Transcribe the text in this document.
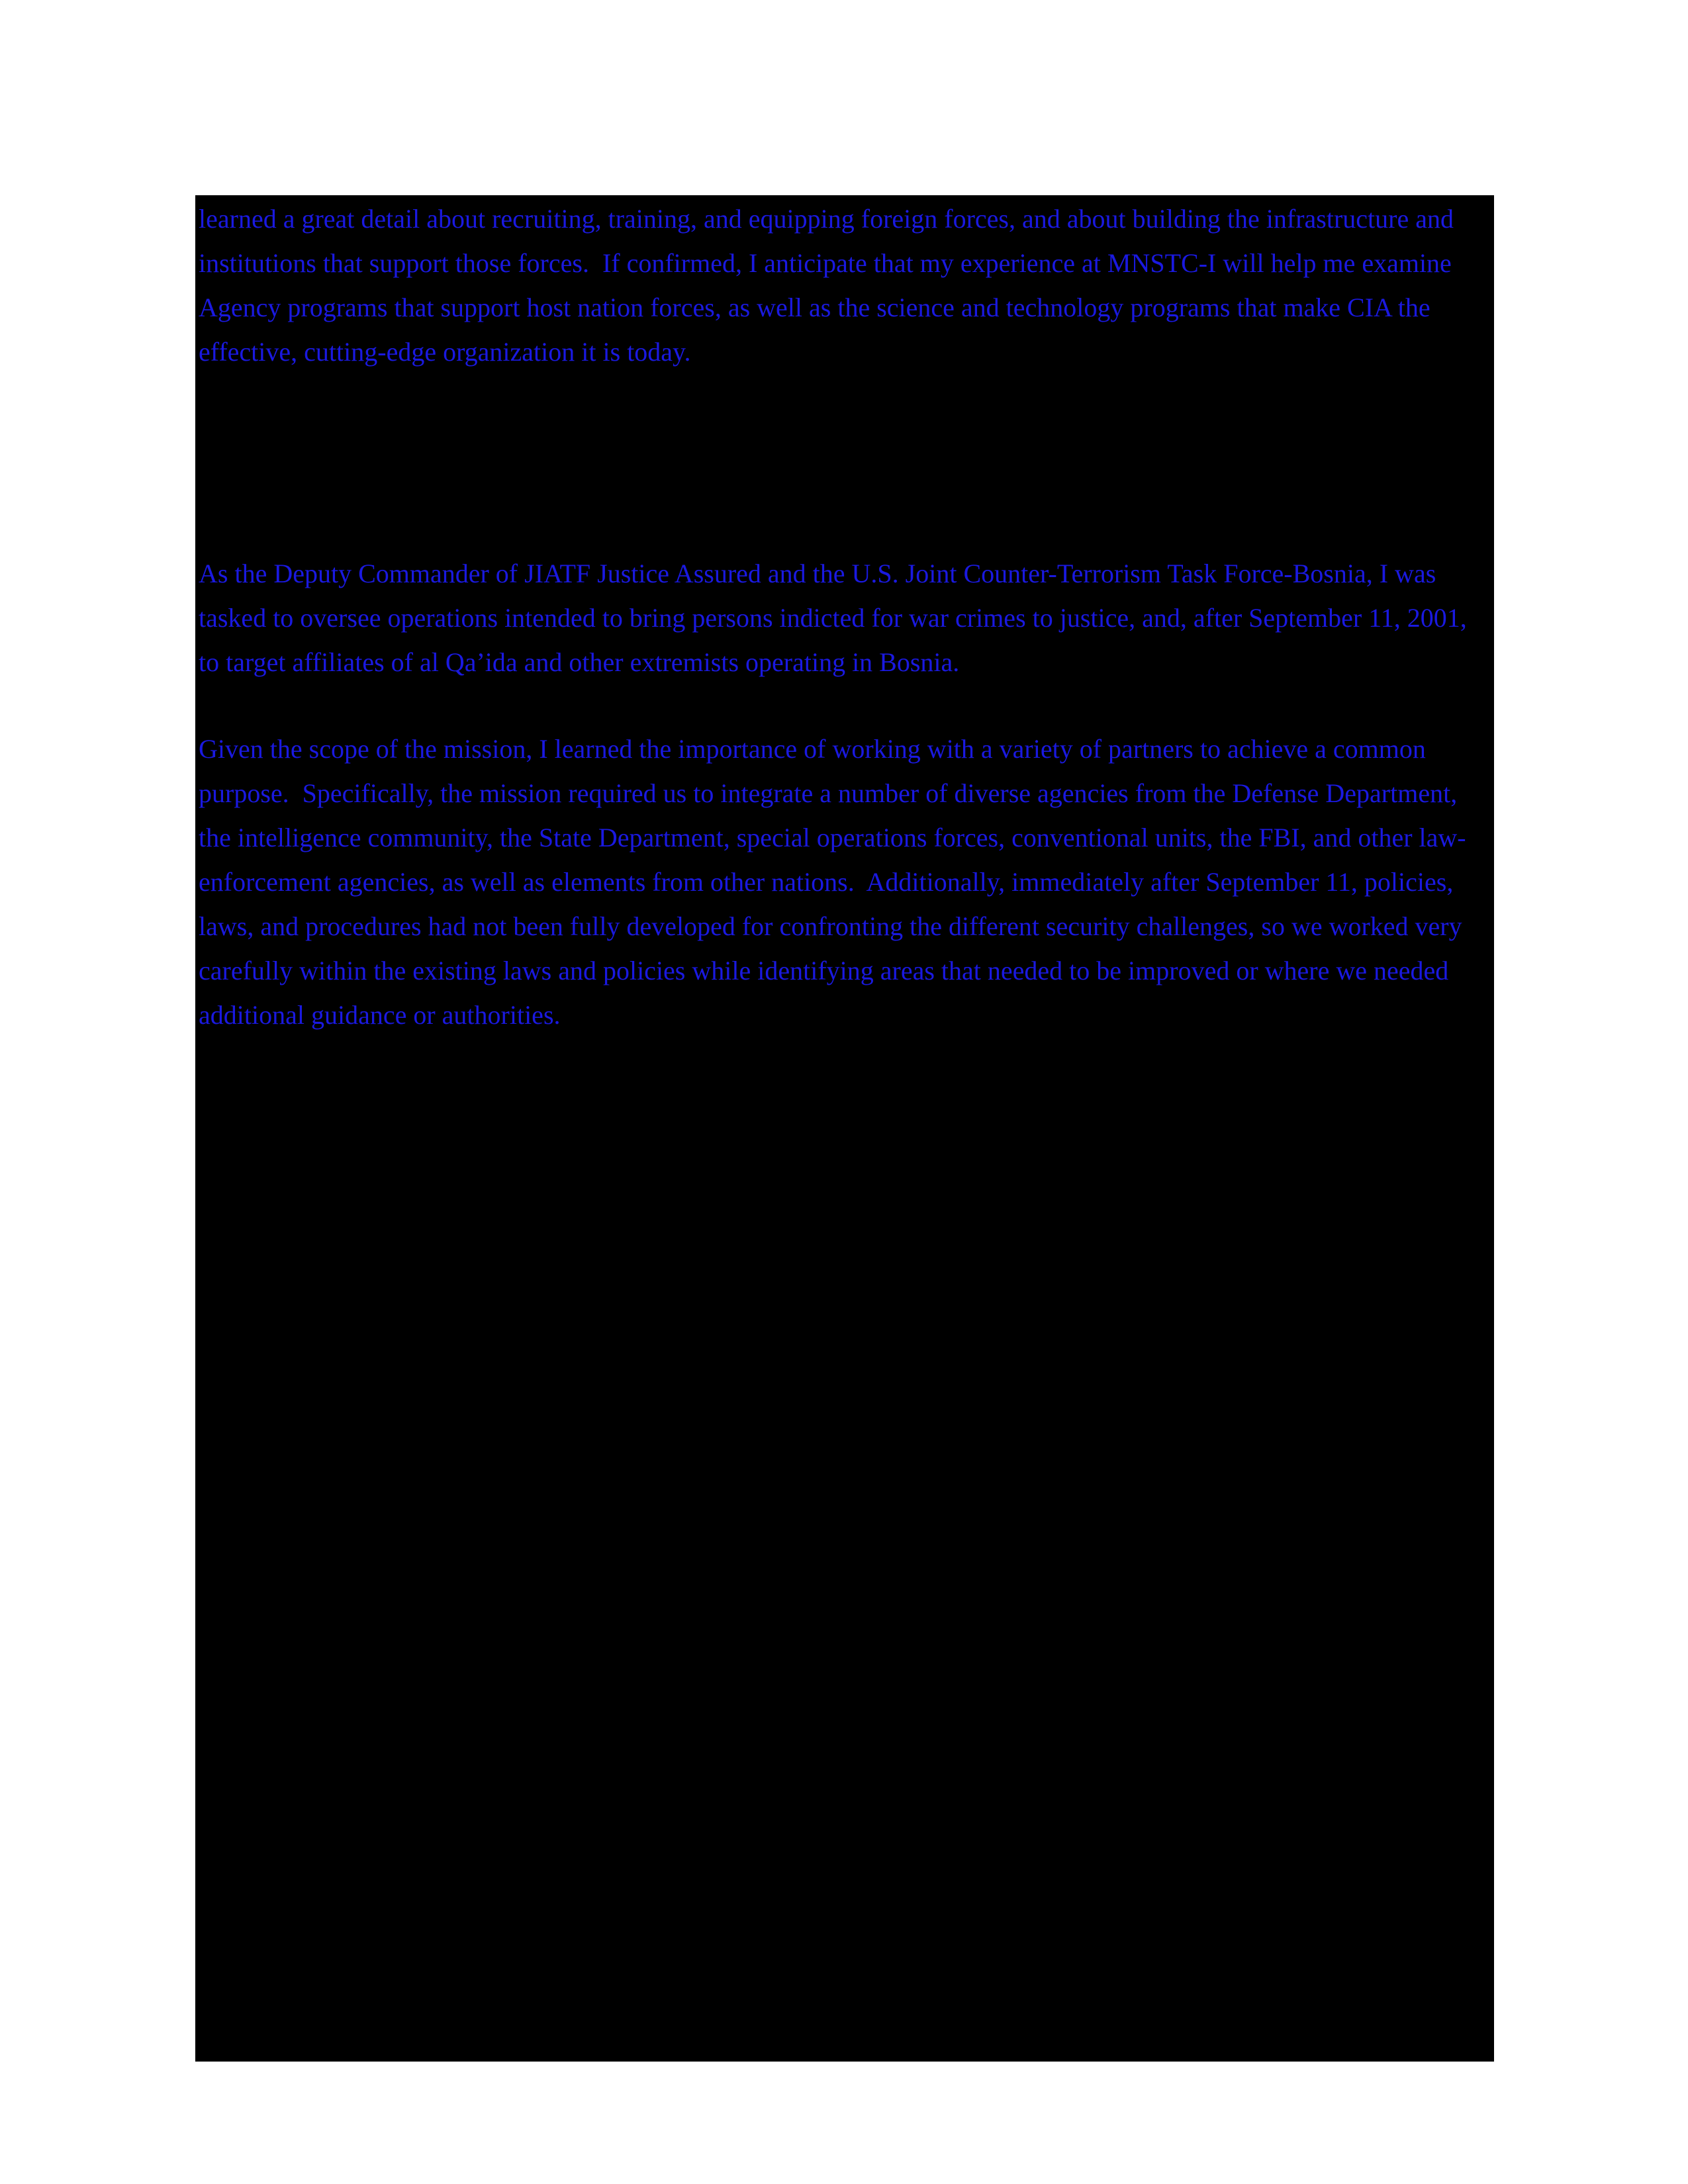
learned a great detail about recruiting, training, and equipping foreign forces, and about building the infrastructure and institutions that support those forces.  If confirmed, I anticipate that my experience at MNSTC-I will help me examine Agency programs that support host nation forces, as well as the science and technology programs that make CIA the effective, cutting-edge organization it is today.

As the Deputy Commander of JIATF Justice Assured and the U.S. Joint Counter-Terrorism Task Force-Bosnia, I was tasked to oversee operations intended to bring persons indicted for war crimes to justice, and, after September 11, 2001, to target affiliates of al Qa’ida and other extremists operating in Bosnia.

Given the scope of the mission, I learned the importance of working with a variety of partners to achieve a common purpose.  Specifically, the mission required us to integrate a number of diverse agencies from the Defense Department, the intelligence community, the State Department, special operations forces, conventional units, the FBI, and other law-enforcement agencies, as well as elements from other nations.  Additionally, immediately after September 11, policies, laws, and procedures had not been fully developed for confronting the different security challenges, so we worked very carefully within the existing laws and policies while identifying areas that needed to be improved or where we needed additional guidance or authorities.
